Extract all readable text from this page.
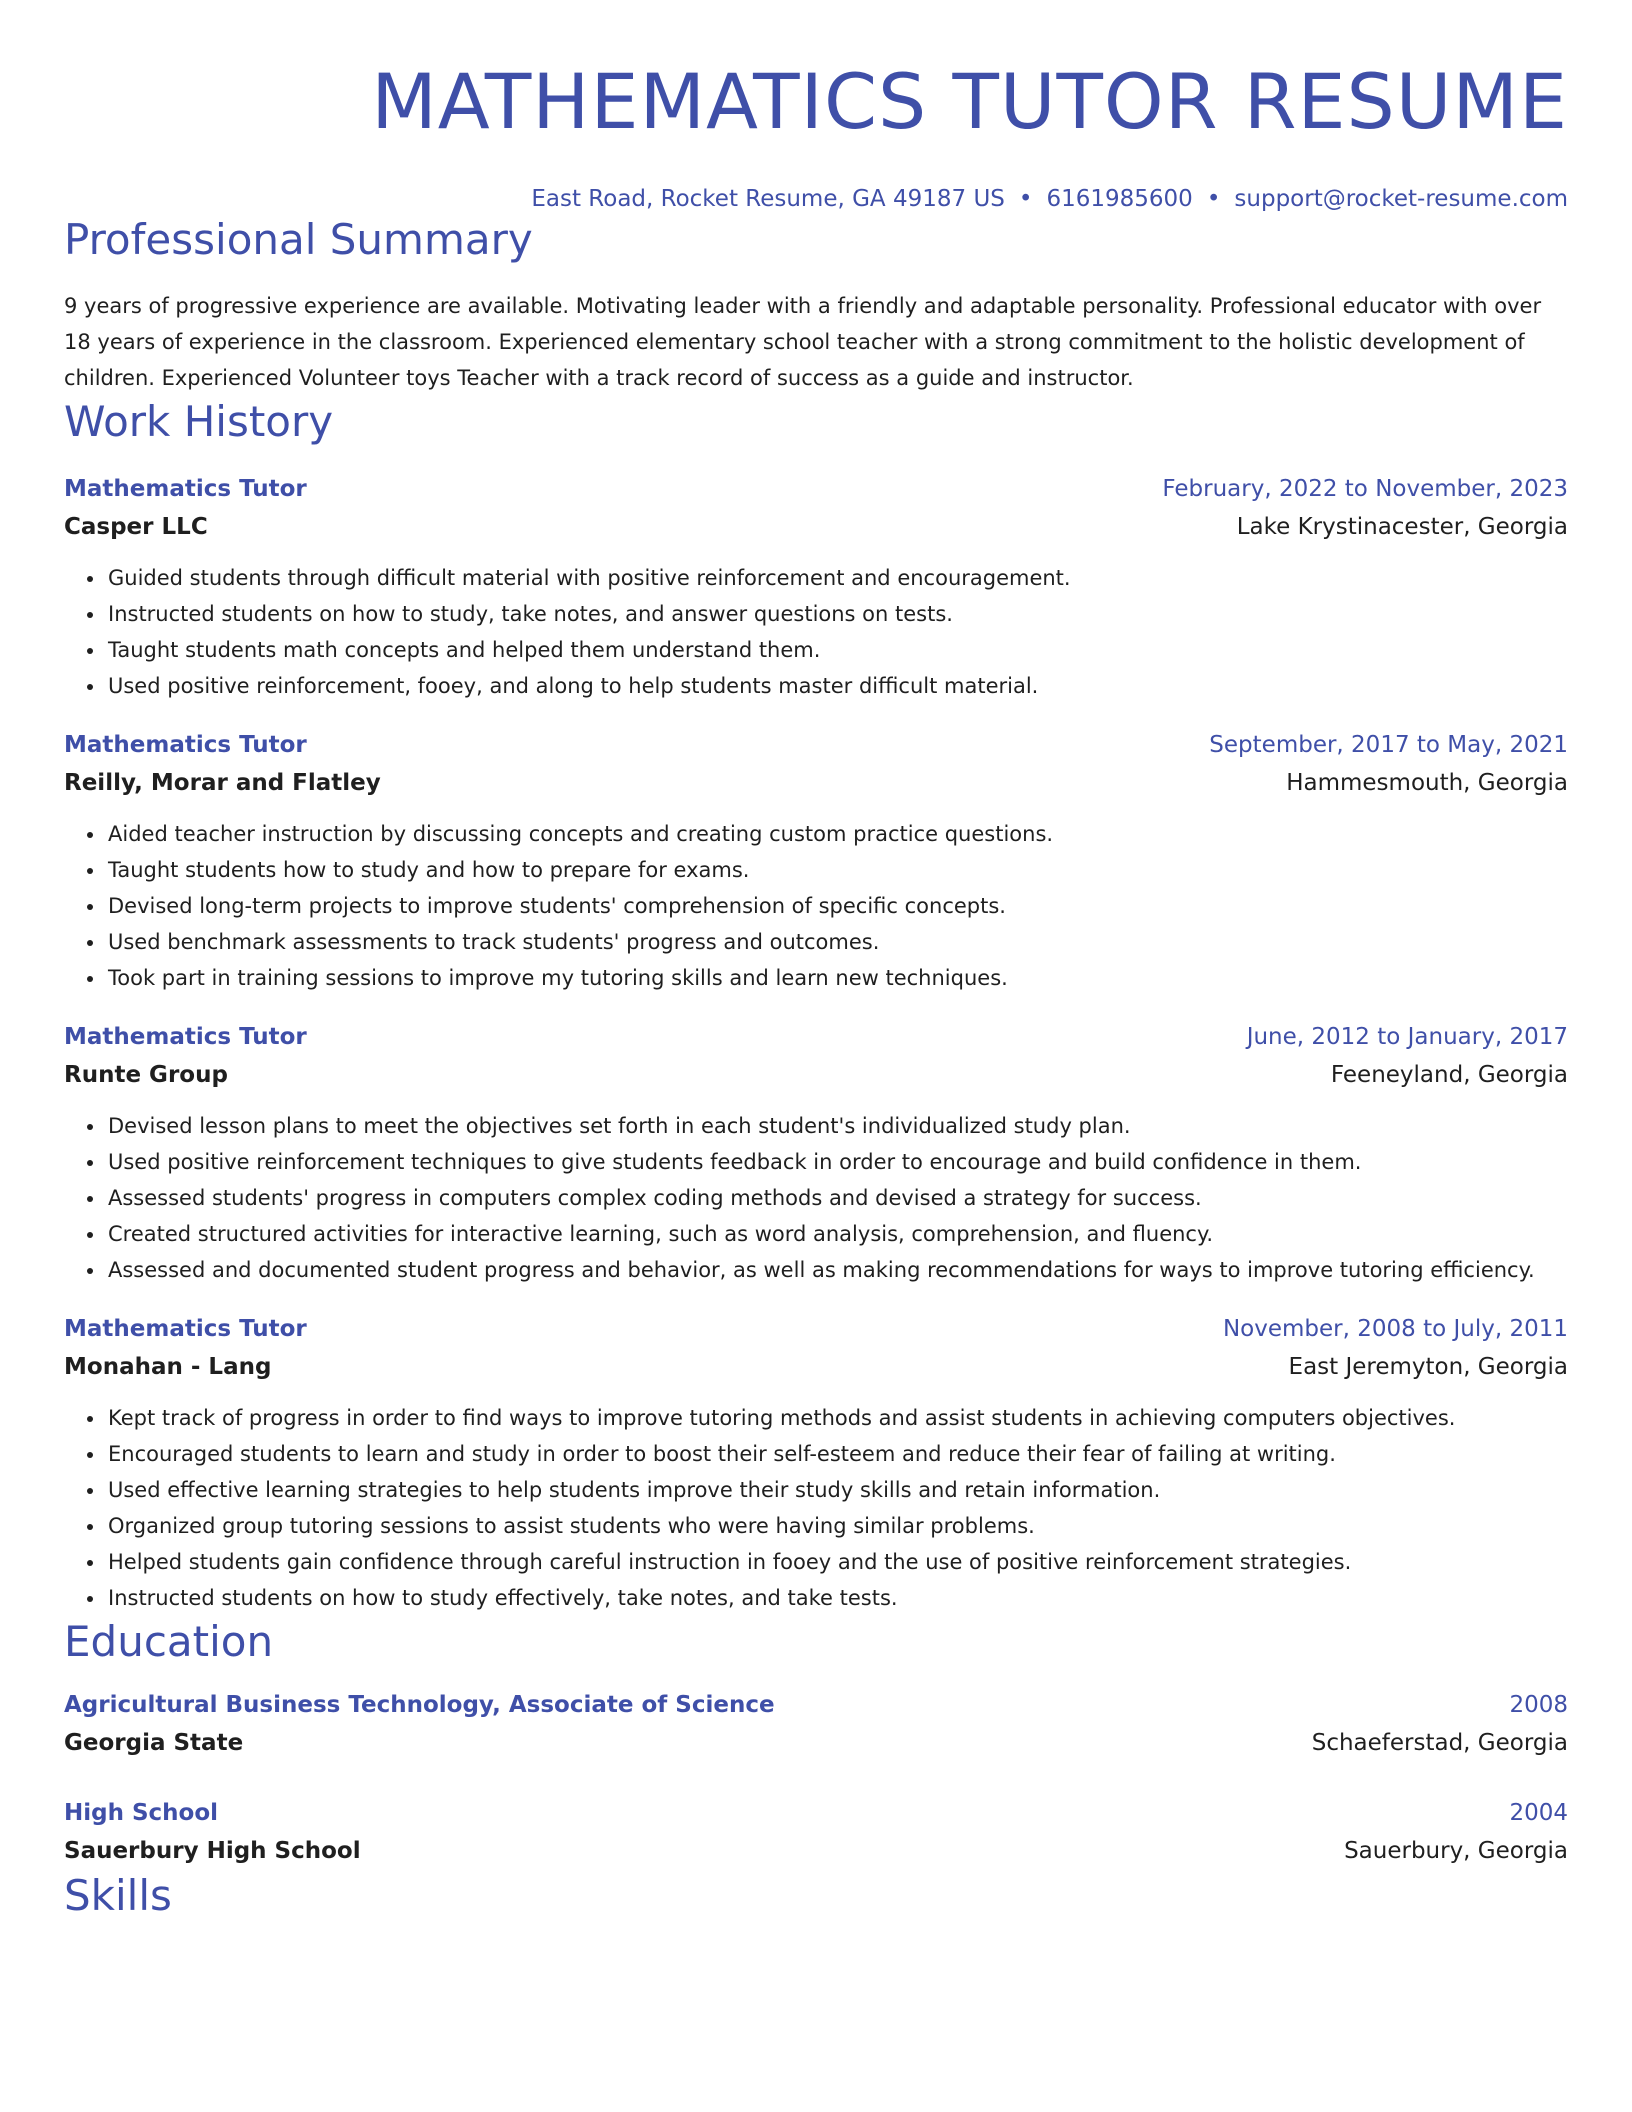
MATHEMATICS TUTOR RESUME
East Road, Rocket Resume, GA 49187 US • 6161985600 • support@rocket-resume.com
Professional Summary
9 years of progressive experience are available. Motivating leader with a friendly and adaptable personality. Professional educator with over 18 years of experience in the classroom. Experienced elementary school teacher with a strong commitment to the holistic development of children. Experienced Volunteer toys Teacher with a track record of success as a guide and instructor.
Work History
Mathematics Tutor	February, 2022 to November, 2023
Casper LLC	Lake Krystinacester, Georgia
• Guided students through difficult material with positive reinforcement and encouragement.
• Instructed students on how to study, take notes, and answer questions on tests.
• Taught students math concepts and helped them understand them.
• Used positive reinforcement, fooey, and along to help students master difficult material.
Mathematics Tutor	September, 2017 to May, 2021
Reilly, Morar and Flatley	Hammesmouth, Georgia
• Aided teacher instruction by discussing concepts and creating custom practice questions.
• Taught students how to study and how to prepare for exams.
• Devised long-term projects to improve students' comprehension of specific concepts.
• Used benchmark assessments to track students' progress and outcomes.
• Took part in training sessions to improve my tutoring skills and learn new techniques.
Mathematics Tutor	June, 2012 to January, 2017
Runte Group	Feeneyland, Georgia
• Devised lesson plans to meet the objectives set forth in each student's individualized study plan.
• Used positive reinforcement techniques to give students feedback in order to encourage and build confidence in them.
• Assessed students' progress in computers complex coding methods and devised a strategy for success.
• Created structured activities for interactive learning, such as word analysis, comprehension, and fluency.
• Assessed and documented student progress and behavior, as well as making recommendations for ways to improve tutoring efficiency.
Mathematics Tutor	November, 2008 to July, 2011
Monahan - Lang	East Jeremyton, Georgia
• Kept track of progress in order to find ways to improve tutoring methods and assist students in achieving computers objectives.
• Encouraged students to learn and study in order to boost their self-esteem and reduce their fear of failing at writing.
• Used effective learning strategies to help students improve their study skills and retain information.
• Organized group tutoring sessions to assist students who were having similar problems.
• Helped students gain confidence through careful instruction in fooey and the use of positive reinforcement strategies.
• Instructed students on how to study effectively, take notes, and take tests.
Education
Agricultural Business Technology, Associate of Science	2008
Georgia State	Schaeferstad, Georgia
High School	2004
Sauerbury High School	Sauerbury, Georgia
Skills
